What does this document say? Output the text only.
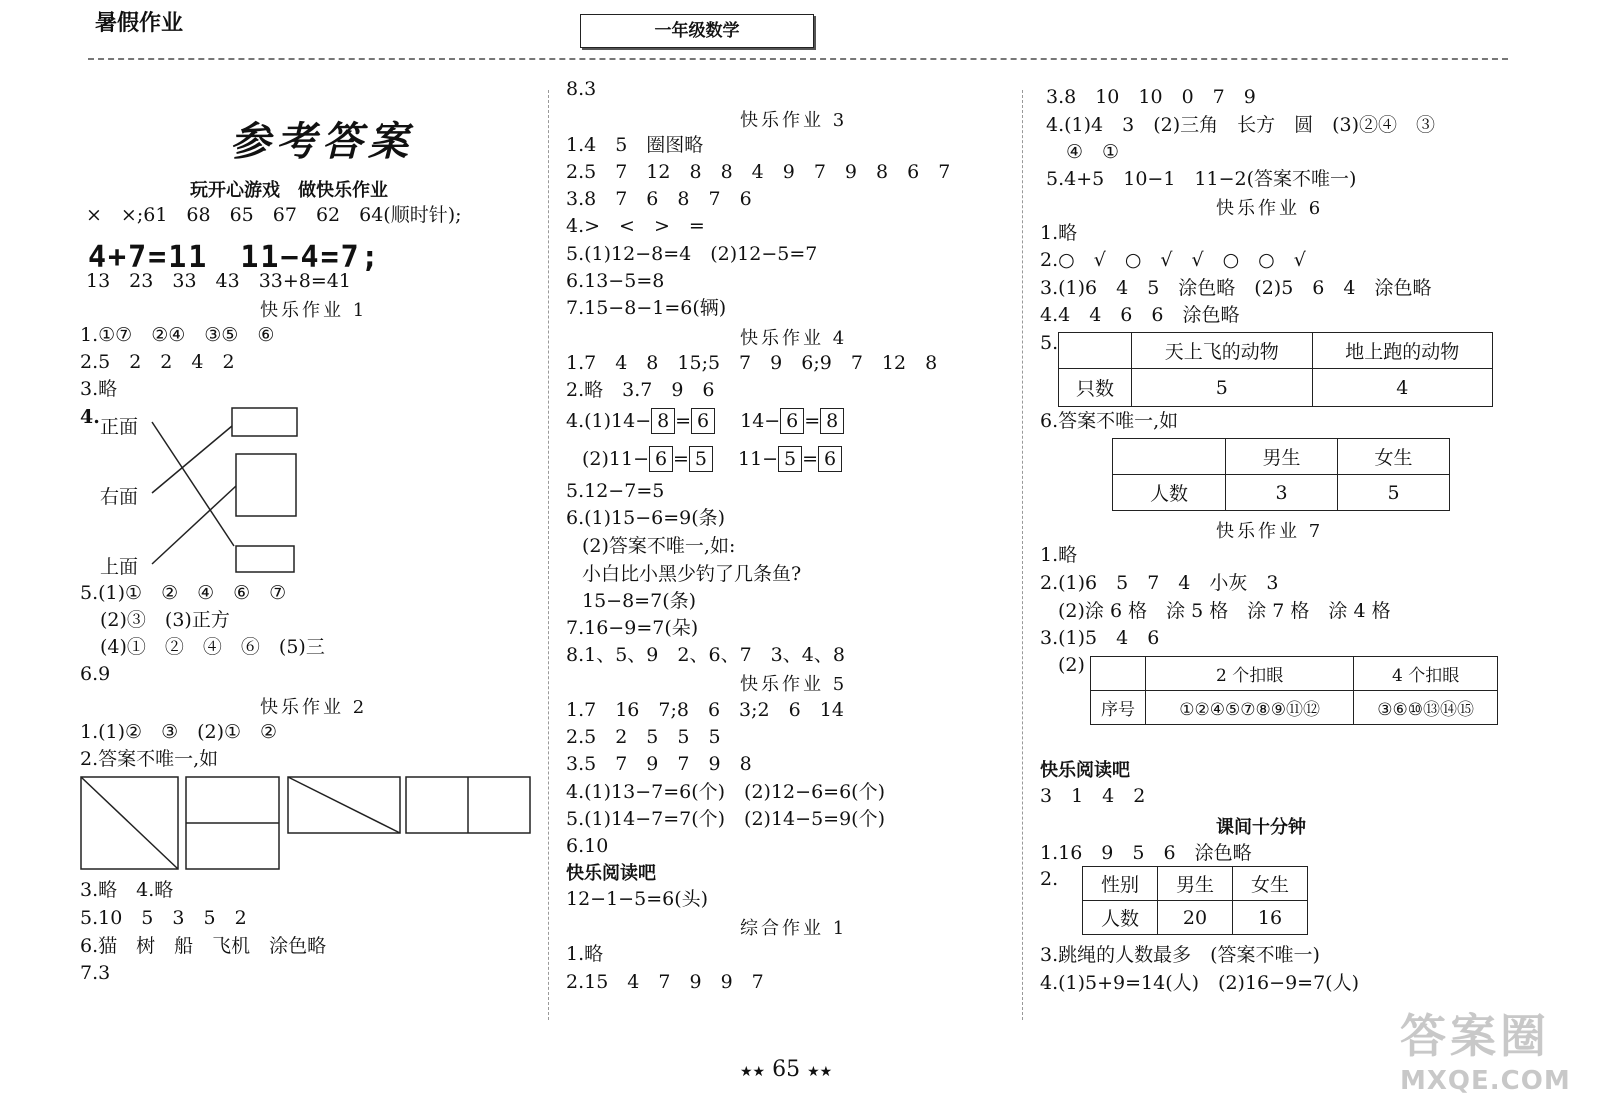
暑假作业	一年级数学
参考答案
玩开心游戏　做快乐作业
×　×;61　68　65　67　62　64(顺时针);
4+7=11　11−4=7;
13　23　33　43　33+8=41
快乐作业 1
1.①⑦　②④　③⑤　⑥
2.5　2　2　4　2
3.略
4. 正面
右面
上面
5.(1)①　②　④　⑥　⑦
(2)③　(3)正方
(4)①　②　④　⑥　(5)三
6.9
快乐作业 2
1.(1)②　③　(2)①　②
2.答案不唯一,如
3.略　4.略
5.10　5　3　5　2
6.猫　树　船　飞机　涂色略
7.3
8.3
快乐作业 3
1.4　5　圈图略
2.5　7　12　8　8　4　9　7　9　8　6　7
3.8　7　6　8　7　6
4.>　<　>　=
5.(1)12−8=4　(2)12−5=7
6.13−5=8
7.15−8−1=6(辆)
快乐作业 4
1.7　4　8　15;5　7　9　6;9　7　12　8
2.略　3.7　9　6
4.(1)14− 8 = 6　 14− 6 = 8
(2)11− 6 = 5　 11− 5 = 6
5.12−7=5
6.(1)15−6=9(条)
(2)答案不唯一,如:
小白比小黑少钓了几条鱼?
15−8=7(条)
7.16−9=7(朵)
8.1、5、9　2、6、7　3、4、8
快乐作业 5
1.7　16　7;8　6　3;2　6　14
2.5　2　5　5　5
3.5　7　9　7　9　8
4.(1)13−7=6(个)　(2)12−6=6(个)
5.(1)14−7=7(个)　(2)14−5=9(个)
6.10
快乐阅读吧
12−1−5=6(头)
综合作业 1
1.略
2.15　4　7　9　9　7
3.8　10　10　0　7　9
4.(1)4　3　(2)三角　长方　圆　(3)②④　③
④　①
5.4+5　10−1　11−2(答案不唯一)
快乐作业 6
1.略
2.○　√　○　√　√　○　○　√
3.(1)6　4　5　涂色略　(2)5　6　4　涂色略
4.4　4　6　6　涂色略
5.
		天上飞的动物	地上跑的动物
只数	5	4
6.答案不唯一,如
	男生	女生
人数	3	5
快乐作业 7
1.略
2.(1)6　5　7　4　小灰　3
(2)涂 6 格　涂 5 格　涂 7 格　涂 4 格
3.(1)5　4　6
(2)
		2 个扣眼	4 个扣眼
序号	①②④⑤⑦⑧⑨⑪⑫	③⑥⑩⑬⑭⑮
快乐阅读吧
3　1　4　2
课间十分钟
1.16　9　5　6　涂色略
2. 性别	男生	女生
人数	20	16
3.跳绳的人数最多　(答案不唯一)
4.(1)5+9=14(人)　(2)16−9=7(人)
★★ 65 ★★
答案圈
MXQE.COM
